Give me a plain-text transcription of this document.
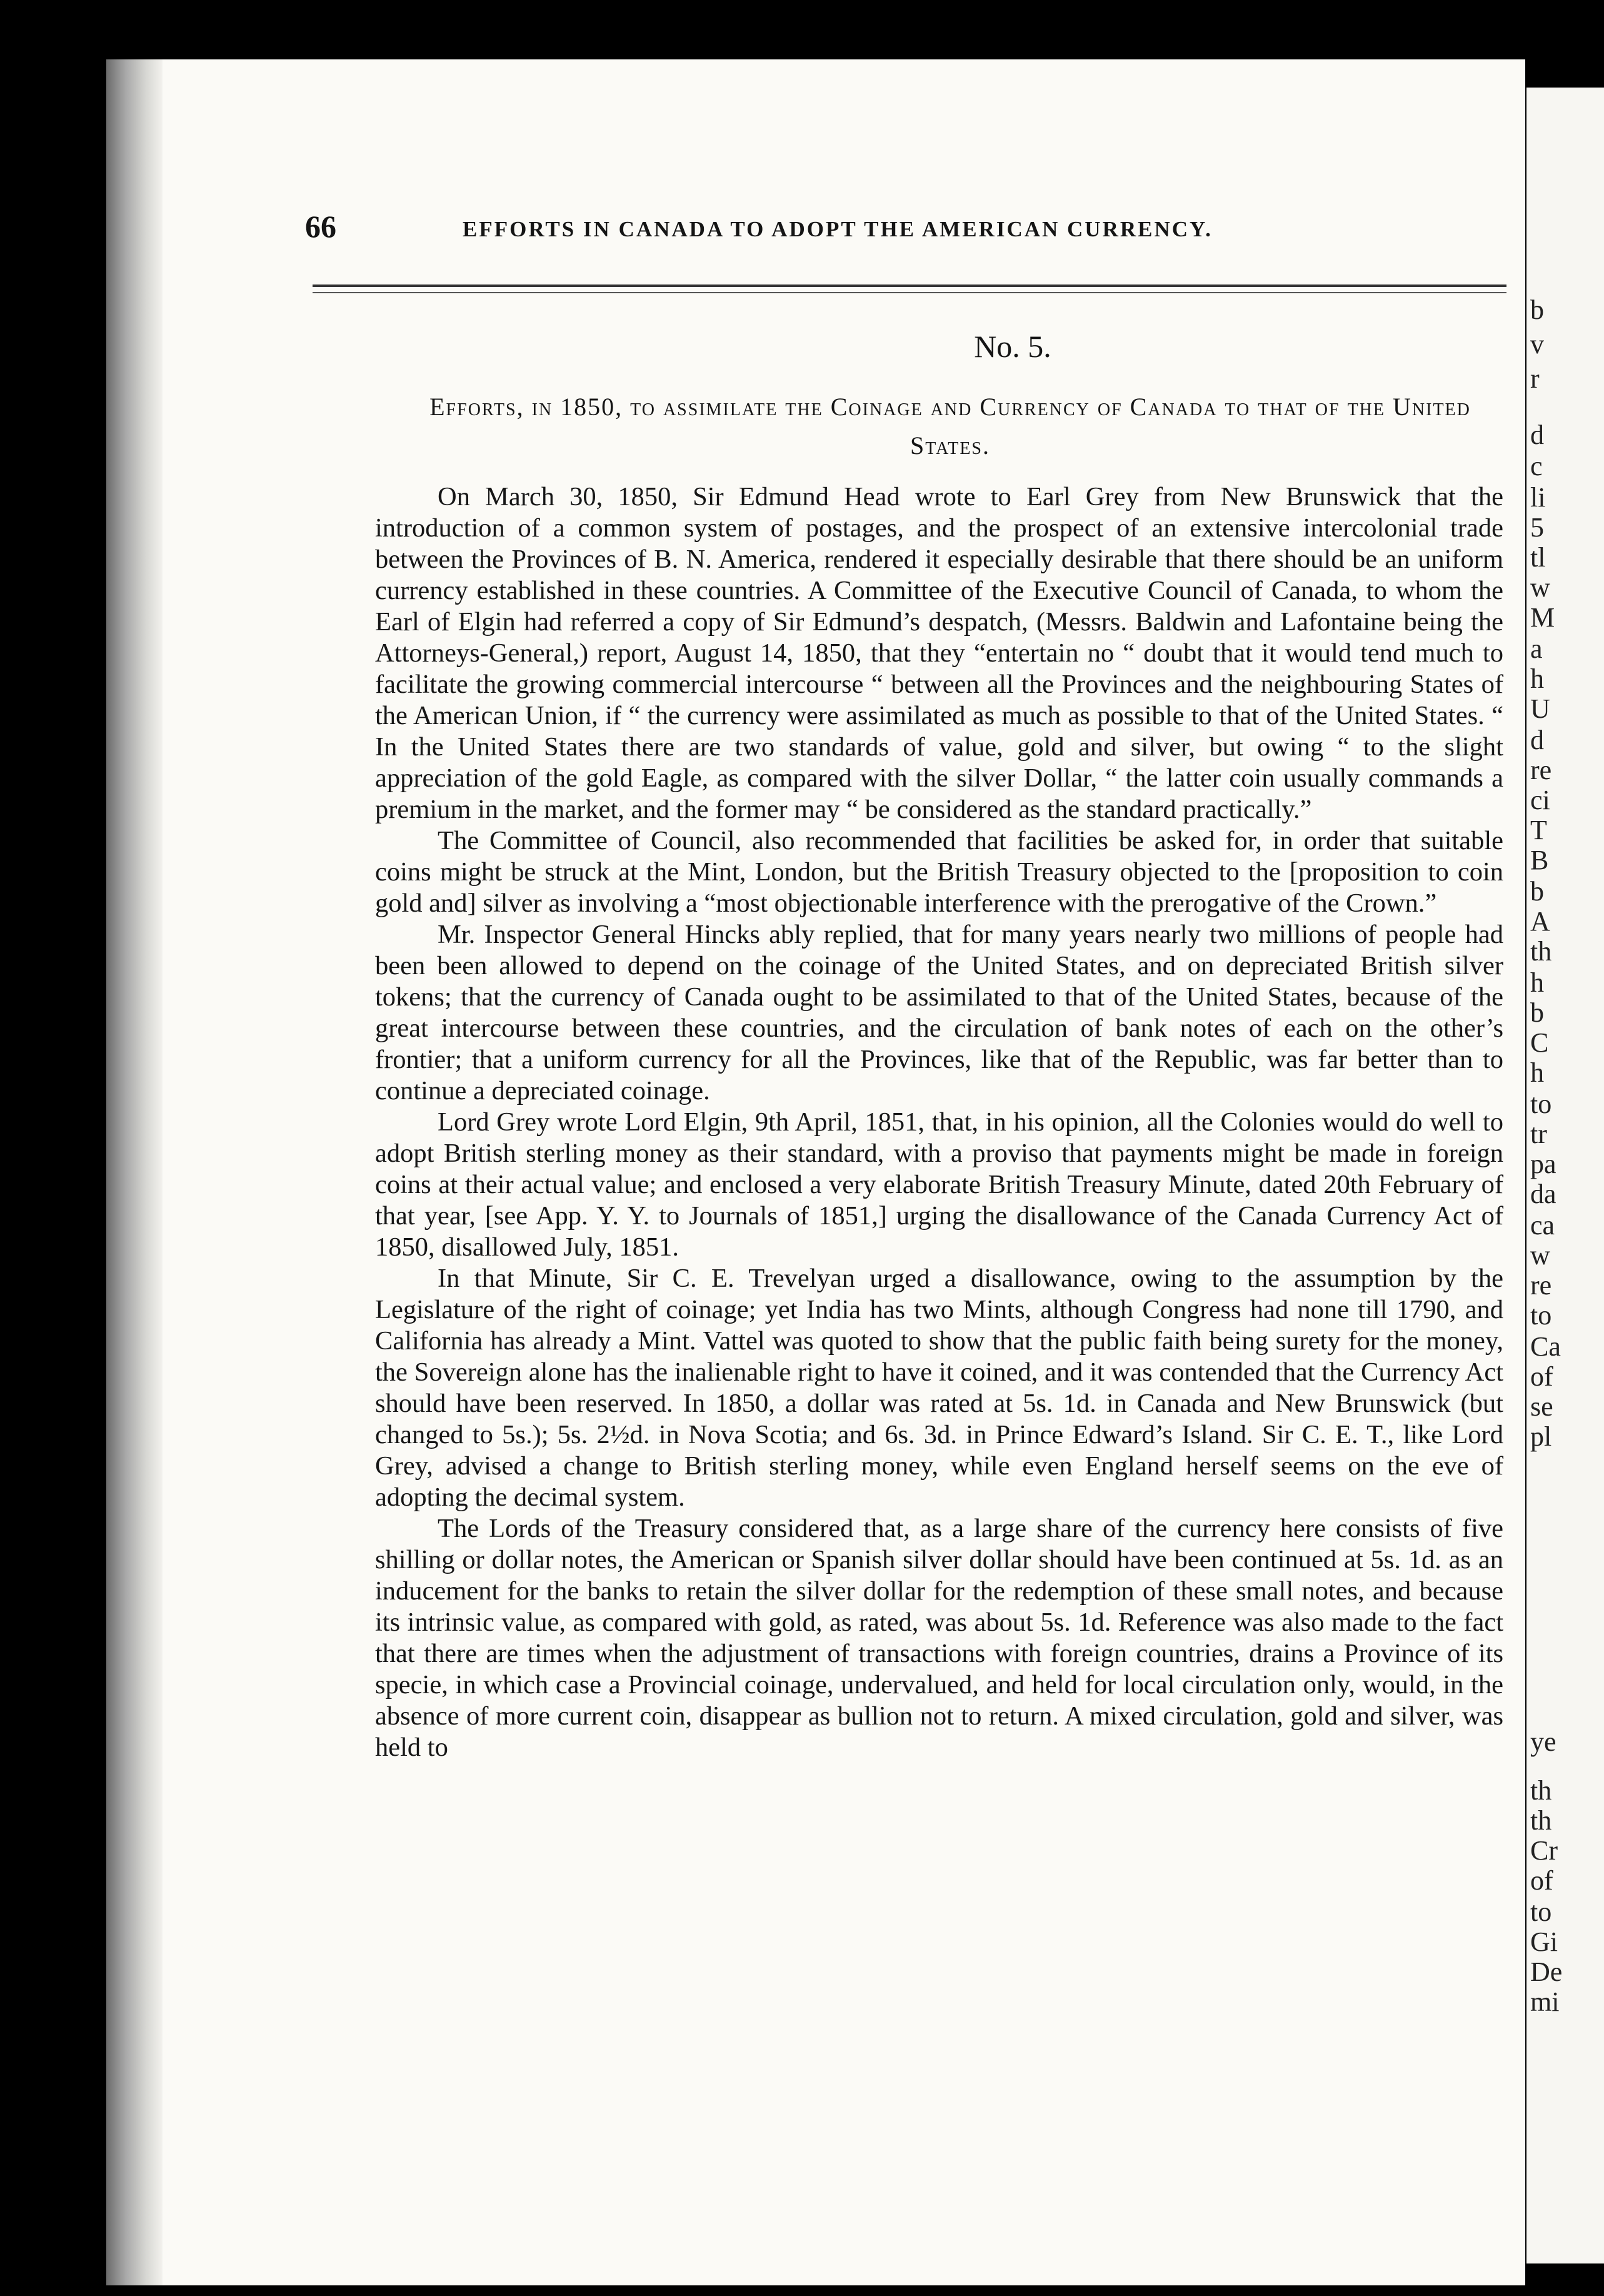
66	EFFORTS IN CANADA TO ADOPT THE AMERICAN CURRENCY.

No. 5.

Efforts, in 1850, to assimilate the Coinage and Currency of Canada to that of the United States.

On March 30, 1850, Sir Edmund Head wrote to Earl Grey from New Brunswick that the introduction of a common system of postages, and the prospect of an extensive intercolonial trade between the Provinces of B. N. America, rendered it especially desirable that there should be an uniform currency established in these countries. A Committee of the Executive Council of Canada, to whom the Earl of Elgin had referred a copy of Sir Edmund’s despatch, (Messrs. Baldwin and Lafontaine being the Attorneys-General,) report, August 14, 1850, that they “entertain no “ doubt that it would tend much to facilitate the growing commercial intercourse “ between all the Provinces and the neighbouring States of the American Union, if “ the currency were assimilated as much as possible to that of the United States. “ In the United States there are two standards of value, gold and silver, but owing “ to the slight appreciation of the gold Eagle, as compared with the silver Dollar, “ the latter coin usually commands a premium in the market, and the former may “ be considered as the standard practically.”

The Committee of Council, also recommended that facilities be asked for, in order that suitable coins might be struck at the Mint, London, but the British Treasury objected to the [proposition to coin gold and] silver as involving a “most objectionable interference with the prerogative of the Crown.”

Mr. Inspector General Hincks ably replied, that for many years nearly two millions of people had been been allowed to depend on the coinage of the United States, and on depreciated British silver tokens; that the currency of Canada ought to be assimilated to that of the United States, because of the great intercourse between these countries, and the circulation of bank notes of each on the other’s frontier; that a uniform currency for all the Provinces, like that of the Republic, was far better than to continue a depreciated coinage.

Lord Grey wrote Lord Elgin, 9th April, 1851, that, in his opinion, all the Colonies would do well to adopt British sterling money as their standard, with a proviso that payments might be made in foreign coins at their actual value; and enclosed a very elaborate British Treasury Minute, dated 20th February of that year, [see App. Y. Y. to Journals of 1851,] urging the disallowance of the Canada Currency Act of 1850, disallowed July, 1851.

In that Minute, Sir C. E. Trevelyan urged a disallowance, owing to the assumption by the Legislature of the right of coinage; yet India has two Mints, although Congress had none till 1790, and California has already a Mint. Vattel was quoted to show that the public faith being surety for the money, the Sovereign alone has the inalienable right to have it coined, and it was contended that the Currency Act should have been reserved. In 1850, a dollar was rated at 5s. 1d. in Canada and New Brunswick (but changed to 5s.); 5s. 2½d. in Nova Scotia; and 6s. 3d. in Prince Edward’s Island. Sir C. E. T., like Lord Grey, advised a change to British sterling money, while even England herself seems on the eve of adopting the decimal system.

The Lords of the Treasury considered that, as a large share of the currency here consists of five shilling or dollar notes, the American or Spanish silver dollar should have been continued at 5s. 1d. as an inducement for the banks to retain the silver dollar for the redemption of these small notes, and because its intrinsic value, as compared with gold, as rated, was about 5s. 1d. Reference was also made to the fact that there are times when the adjustment of transactions with foreign countries, drains a Province of its specie, in which case a Provincial coinage, undervalued, and held for local circulation only, would, in the absence of more current coin, disappear as bullion not to return. A mixed circulation, gold and silver, was held to

b

v

r

d

c

li

5

tl

w

M

a

h

U

d

re

ci

T

B

b

A

th

h

b

C

h

to

tr

pa

da

ca

w

re

to

Ca

of

se

pl

ye

th

th

Cr

of

to

Gi

De

mi
